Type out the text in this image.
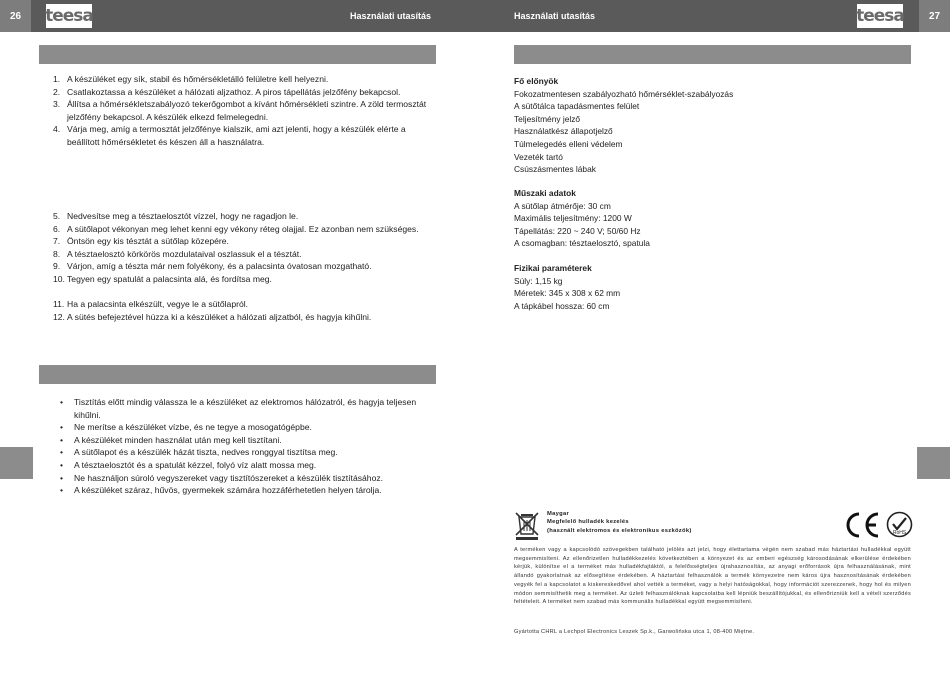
26	27
teesa	teesa
Használati utasítás	Használati utasítás
1. A készüléket egy sík, stabil és hőmérsékletálló felületre kell helyezni.
2. Csatlakoztassa a készüléket a hálózati aljzathoz. A piros tápellátás jelzőfény bekapcsol.
3. Állítsa a hőmérsékletszabályozó tekerőgombot a kívánt hőmérsékleti szintre. A zöld termosztát jelzőfény bekapcsol. A készülék elkezd felmelegedni.
4. Várja meg, amíg a termosztát jelzőfénye kialszik, ami azt jelenti, hogy a készülék elérte a beállított hőmérsékletet és készen áll a használatra.
5. Nedvesítse meg a tésztaelosztót vízzel, hogy ne ragadjon le.
6. A sütőlapot vékonyan meg lehet kenni egy vékony réteg olajjal. Ez azonban nem szükséges.
7. Öntsön egy kis tésztát a sütőlap közepére.
8. A tésztaelosztó körkörös mozdulataival oszlassuk el a tésztát.
9. Várjon, amíg a tészta már nem folyékony, és a palacsinta óvatosan mozgatható.
10. Tegyen egy spatulát a palacsinta alá, és fordítsa meg.
11. Ha a palacsinta elkészült, vegye le a sütőlapról.
12. A sütés befejeztével húzza ki a készüléket a hálózati aljzatból, és hagyja kihűlni.
• Tisztítás előtt mindig válassza le a készüléket az elektromos hálózatról, és hagyja teljesen kihűlni.
• Ne merítse a készüléket vízbe, és ne tegye a mosogatógépbe.
• A készüléket minden használat után meg kell tisztítani.
• A sütőlapot és a készülék házát tiszta, nedves ronggyal tisztítsa meg.
• A tésztaelosztót és a spatulát kézzel, folyó víz alatt mossa meg.
• Ne használjon súroló vegyszereket vagy tisztítószereket a készülék tisztításához.
• A készüléket száraz, hűvös, gyermekek számára hozzáférhetetlen helyen tárolja.
Fő előnyök
Fokozatmentesen szabályozható hőmérséklet-szabályozás
A sütőtálca tapadásmentes felület
Teljesítmény jelző
Használatkész állapotjelző
Túlmelegedés elleni védelem
Vezeték tartó
Csúszásmentes lábak
Műszaki adatok
A sütőlap átmérője: 30 cm
Maximális teljesítmény: 1200 W
Tápellátás: 220 ~ 240 V; 50/60 Hz
A csomagban: tésztaelosztó, spatula
Fizikai paraméterek
Súly: 1,15 kg
Méretek: 345 x 308 x 62 mm
A tápkábel hossza: 60 cm
Maygar
Megfelelő hulladék kezelés
(használt elektromos és elektronikus eszközök)	RoHS
A terméken vagy a kapcsolódó szövegekben található jelölés azt jelzi, hogy élettartama végén nem szabad más háztartási hulladékkal együtt megsemmisíteni. Az ellenőrizetlen hulladékkezelés következtében a környezet és az emberi egészség károsodásának elkerülése érdekében kérjük, különítse el a terméket más hulladékfajtáktól, a felelősségteljes újrahasznosítás, az anyagi erőforrások újra felhasználásának, mint állandó gyakorlatnak az elősegítése érdekében. A háztartási felhasználók a termék környezetre nem káros újra hasznosításának érdekében vegyék fel a kapcsolatot a kiskereskedővel ahol vették a terméket, vagy a helyi hatóságokkal, hogy információt szerezzenek, hogy hol és milyen módon semmisíthetik meg a terméket. Az üzleti felhasználóknak kapcsolatba kell lépniük beszállítójukkal, és ellenőrizniük kell a vételi szerződés feltételeit. A terméket nem szabad más kommunális hulladékkal együtt megsemmisíteni.
Gyártotta CHRL a Lechpol Electronics Leszek Sp.k., Garwolińska utca 1, 08-400 Miętne.
